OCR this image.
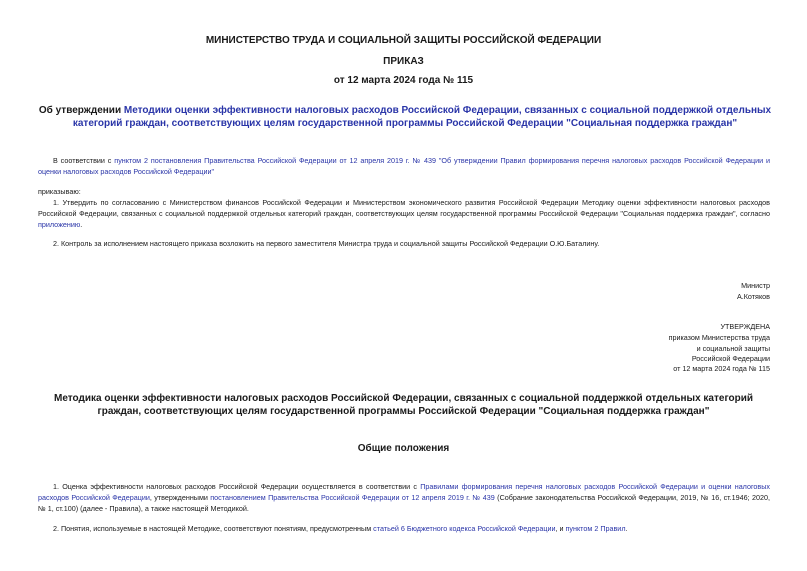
МИНИСТЕРСТВО ТРУДА И СОЦИАЛЬНОЙ ЗАЩИТЫ РОССИЙСКОЙ ФЕДЕРАЦИИ
ПРИКАЗ
от 12 марта 2024 года № 115
Об утверждении Методики оценки эффективности налоговых расходов Российской Федерации, связанных с социальной поддержкой отдельных категорий граждан, соответствующих целям государственной программы Российской Федерации "Социальная поддержка граждан"
В соответствии с пунктом 2 постановления Правительства Российской Федерации от 12 апреля 2019 г. № 439 "Об утверждении Правил формирования перечня налоговых расходов Российской Федерации и оценки налоговых расходов Российской Федерации"
приказываю:
1. Утвердить по согласованию с Министерством финансов Российской Федерации и Министерством экономического развития Российской Федерации Методику оценки эффективности налоговых расходов Российской Федерации, связанных с социальной поддержкой отдельных категорий граждан, соответствующих целям государственной программы Российской Федерации "Социальная поддержка граждан", согласно приложению.
2. Контроль за исполнением настоящего приказа возложить на первого заместителя Министра труда и социальной защиты Российской Федерации О.Ю.Баталину.
Министр
А.Котяков
УТВЕРЖДЕНА
приказом Министерства труда
и социальной защиты
Российской Федерации
от 12 марта 2024 года № 115
Методика оценки эффективности налоговых расходов Российской Федерации, связанных с социальной поддержкой отдельных категорий граждан, соответствующих целям государственной программы Российской Федерации "Социальная поддержка граждан"
Общие положения
1. Оценка эффективности налоговых расходов Российской Федерации осуществляется в соответствии с Правилами формирования перечня налоговых расходов Российской Федерации и оценки налоговых расходов Российской Федерации, утвержденными постановлением Правительства Российской Федерации от 12 апреля 2019 г. № 439 (Собрание законодательства Российской Федерации, 2019, № 16, ст.1946; 2020, № 1, ст.100) (далее - Правила), а также настоящей Методикой.
2. Понятия, используемые в настоящей Методике, соответствуют понятиям, предусмотренным статьей 6 Бюджетного кодекса Российской Федерации, и пунктом 2 Правил.
